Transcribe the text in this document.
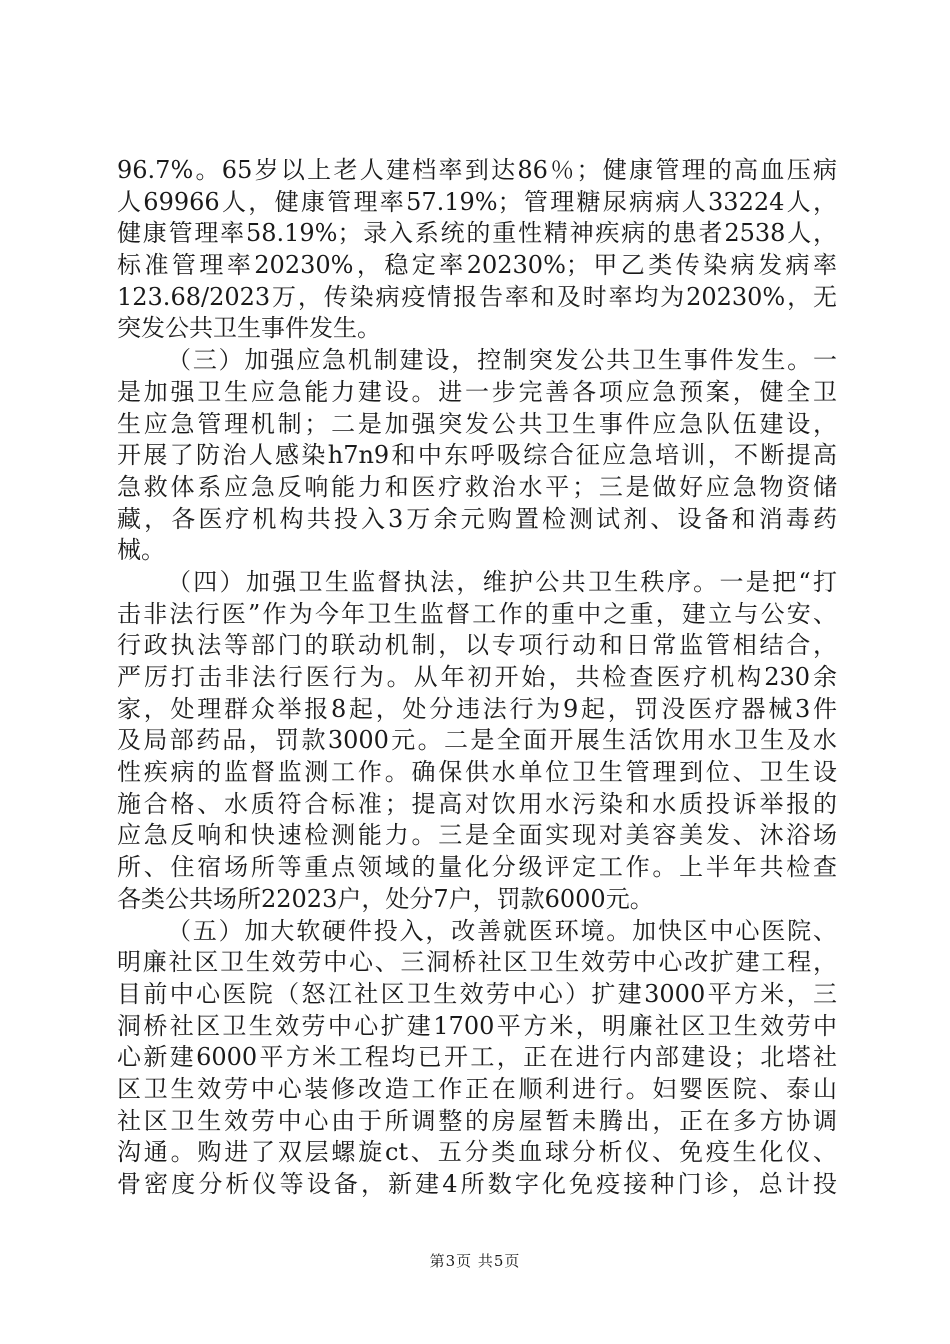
96.7%。65岁以上老人建档率到达86％；健康管理的高血压病
人69966人，健康管理率57.19%；管理糖尿病病人33224人，
健康管理率58.19%；录入系统的重性精神疾病的患者2538人，
标准管理率20230%，稳定率20230%；甲乙类传染病发病率
123.68/2023万，传染病疫情报告率和及时率均为20230%，无
突发公共卫生事件发生。
（三）加强应急机制建设，控制突发公共卫生事件发生。一
是加强卫生应急能力建设。进一步完善各项应急预案，健全卫
生应急管理机制；二是加强突发公共卫生事件应急队伍建设，
开展了防治人感染h7n9和中东呼吸综合征应急培训，不断提高
急救体系应急反响能力和医疗救治水平；三是做好应急物资储
藏，各医疗机构共投入3万余元购置检测试剂、设备和消毒药
械。
（四）加强卫生监督执法，维护公共卫生秩序。一是把“打
击非法行医”作为今年卫生监督工作的重中之重，建立与公安、
行政执法等部门的联动机制，以专项行动和日常监管相结合，
严厉打击非法行医行为。从年初开始，共检查医疗机构230余
家，处理群众举报8起，处分违法行为9起，罚没医疗器械3件
及局部药品，罚款3000元。二是全面开展生活饮用水卫生及水
性疾病的监督监测工作。确保供水单位卫生管理到位、卫生设
施合格、水质符合标准；提高对饮用水污染和水质投诉举报的
应急反响和快速检测能力。三是全面实现对美容美发、沐浴场
所、住宿场所等重点领域的量化分级评定工作。上半年共检查
各类公共场所22023户，处分7户，罚款6000元。
（五）加大软硬件投入，改善就医环境。加快区中心医院、
明廉社区卫生效劳中心、三洞桥社区卫生效劳中心改扩建工程，
目前中心医院（怒江社区卫生效劳中心）扩建3000平方米，三
洞桥社区卫生效劳中心扩建1700平方米，明廉社区卫生效劳中
心新建6000平方米工程均已开工，正在进行内部建设；北塔社
区卫生效劳中心装修改造工作正在顺利进行。妇婴医院、泰山
社区卫生效劳中心由于所调整的房屋暂未腾出，正在多方协调
沟通。购进了双层螺旋ct、五分类血球分析仪、免疫生化仪、
骨密度分析仪等设备，新建4所数字化免疫接种门诊，总计投
第3页 共5页
